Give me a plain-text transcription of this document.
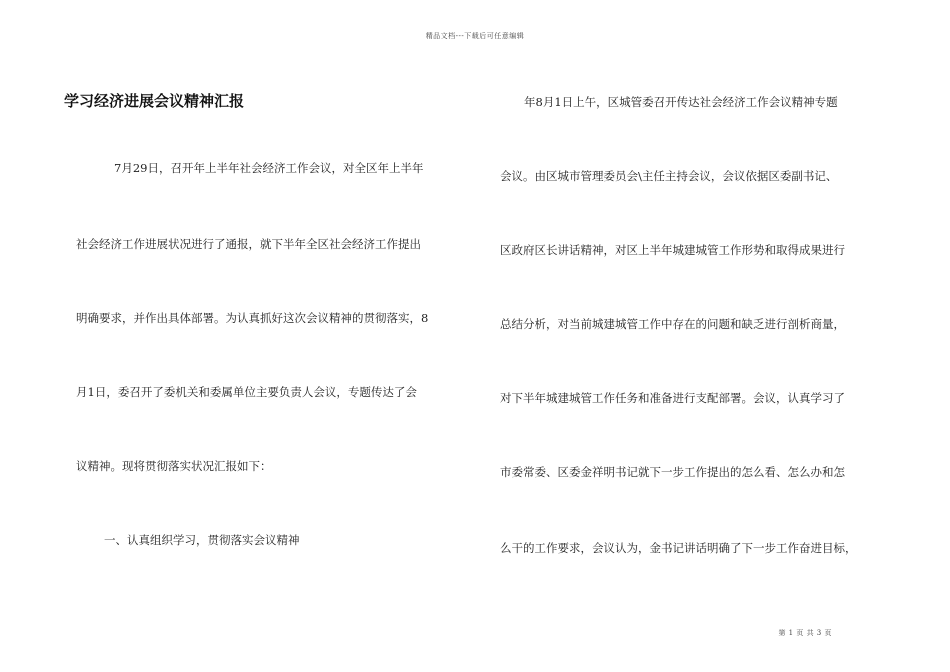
精品文档---下载后可任意编辑
学习经济进展会议精神汇报
7月29日，召开年上半年社会经济工作会议，对全区年上半年
社会经济工作进展状况进行了通报，就下半年全区社会经济工作提出
明确要求，并作出具体部署。为认真抓好这次会议精神的贯彻落实，8
月1日，委召开了委机关和委属单位主要负责人会议，专题传达了会
议精神。现将贯彻落实状况汇报如下：
一、认真组织学习，贯彻落实会议精神
年8月1日上午，区城管委召开传达社会经济工作会议精神专题
会议。由区城市管理委员会\主任主持会议，会议依据区委副书记、
区政府区长讲话精神，对区上半年城建城管工作形势和取得成果进行
总结分析，对当前城建城管工作中存在的问题和缺乏进行剖析商量，
对下半年城建城管工作任务和准备进行支配部署。会议，认真学习了
市委常委、区委金祥明书记就下一步工作提出的怎么看、怎么办和怎
么干的工作要求，会议认为，金书记讲话明确了下一步工作奋进目标，
第 1 页 共 3 页
